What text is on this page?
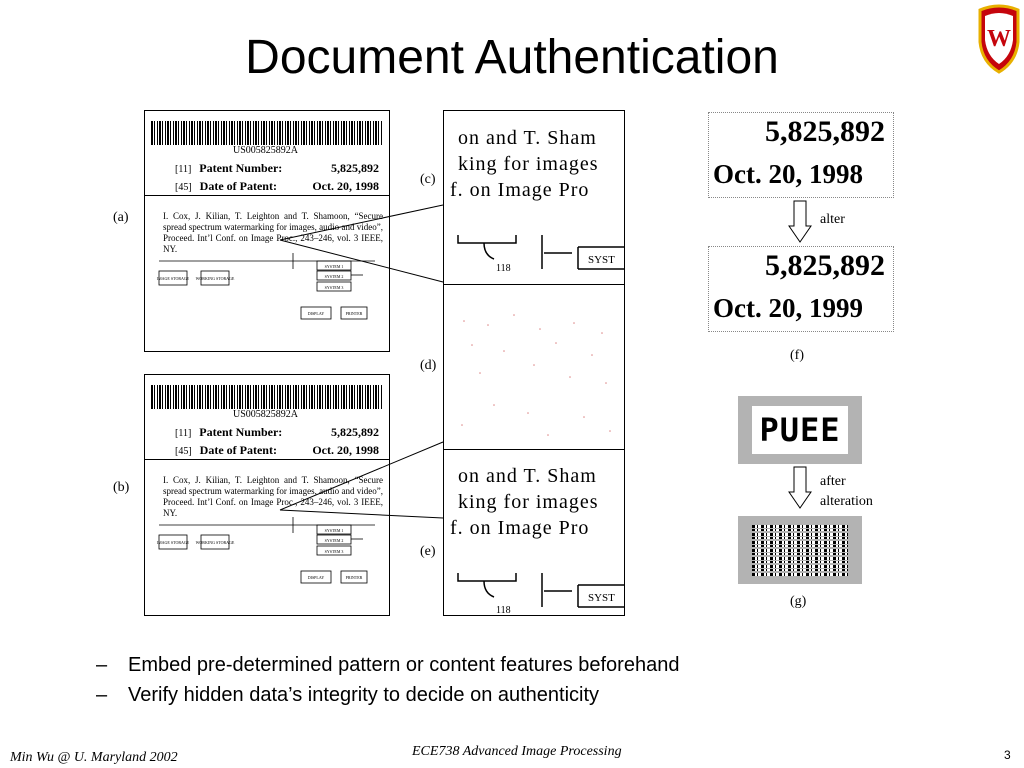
Document Authentication	W
(a)
(b)
(c)
(d)
(e)
US005825892A
[11] Patent Number:	5,825,892
[45] Date of Patent:	Oct. 20, 1998
I. Cox, J. Kilian, T. Leighton and T. Shamoon, “Secure spread spectrum watermarking for images, audio and video”, Proceed. Int’l Conf. on Image Proc., 243–246, vol. 3 IEEE, NY.
IMAGE STORAGE WORKING STORAGE
SYSTEM 1
SYSTEM 2
SYSTEM 3
DISPLAY	PRINTER
US005825892A
[11] Patent Number:	5,825,892
[45] Date of Patent:	Oct. 20, 1998
I. Cox, J. Kilian, T. Leighton and T. Shamoon, “Secure spread spectrum watermarking for images, audio and video”, Proceed. Int’l Conf. on Image Proc., 243–246, vol. 3 IEEE, NY.
IMAGE STORAGE WORKING STORAGE
SYSTEM 1
SYSTEM 2
SYSTEM 3
DISPLAY	PRINTER
on and T. Sham
king for images
f. on Image Pro
118
SYST
on and T. Sham
king for images
f. on Image Pro
118
SYST
5,825,892
Oct. 20, 1998
alter
5,825,892
Oct. 20, 1999
(f)
PUEE
after
alteration
(g)
– Embed pre-determined pattern or content features beforehand
– Verify hidden data’s integrity to decide on authenticity
Min Wu @ U. Maryland 2002	ECE738 Advanced Image Processing	3
